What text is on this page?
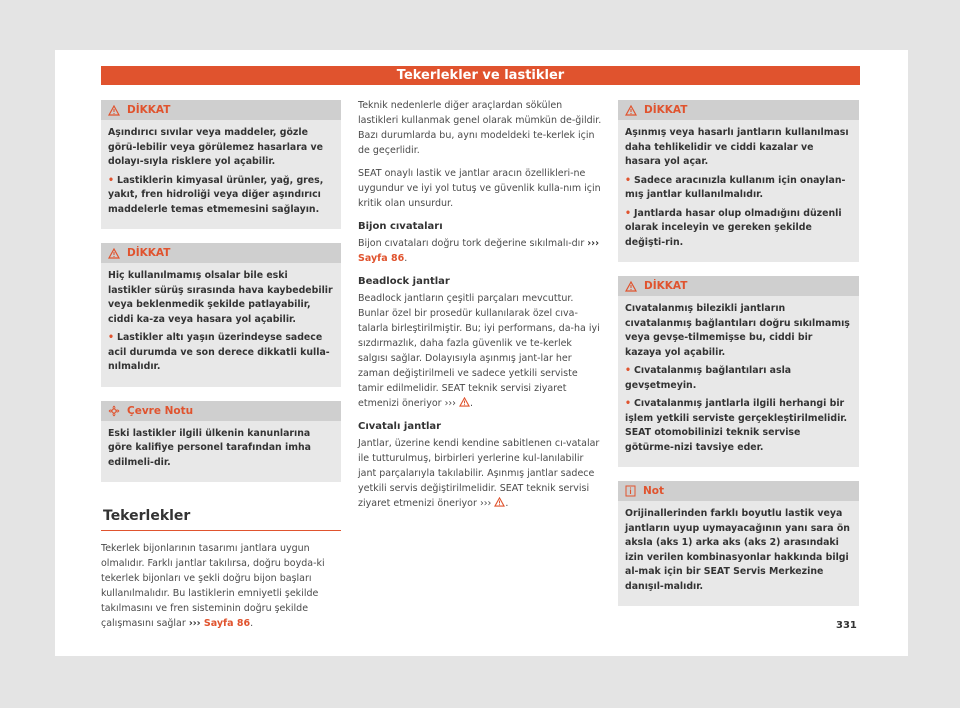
Tekerlekler ve lastikler
DİKKAT

Aşındırıcı sıvılar veya maddeler, gözle görü-lebilir veya görülemez hasarlara ve dolayı-sıyla risklere yol açabilir.

• Lastiklerin kimyasal ürünler, yağ, gres, yakıt, fren hidroliği veya diğer aşındırıcı maddelerle temas etmemesini sağlayın.

DİKKAT

Hiç kullanılmamış olsalar bile eski lastikler sürüş sırasında hava kaybedebilir veya beklenmedik şekilde patlayabilir, ciddi ka-za veya hasara yol açabilir.

• Lastikler altı yaşın üzerindeyse sadece acil durumda ve son derece dikkatli kulla-nılmalıdır.

Çevre Notu

Eski lastikler ilgili ülkenin kanunlarına göre kalifiye personel tarafından imha edilmeli-dir.

Tekerlekler

Tekerlek bijonlarının tasarımı jantlara uygun olmalıdır. Farklı jantlar takılırsa, doğru boyda-ki tekerlek bijonları ve şekli doğru bijon başları kullanılmalıdır. Bu lastiklerin emniyetli şekilde takılmasını ve fren sisteminin doğru şekilde çalışmasını sağlar ››› Sayfa 86.

Teknik nedenlerle diğer araçlardan sökülen lastikleri kullanmak genel olarak mümkün de-ğildir. Bazı durumlarda bu, aynı modeldeki te-kerlek için de geçerlidir.

SEAT onaylı lastik ve jantlar aracın özellikleri-ne uygundur ve iyi yol tutuş ve güvenlik kulla-nım için kritik olan unsurdur.

Bijon cıvataları

Bijon cıvataları doğru tork değerine sıkılmalı-dır ››› Sayfa 86.

Beadlock jantlar

Beadlock jantların çeşitli parçaları mevcuttur. Bunlar özel bir prosedür kullanılarak özel cıva-talarla birleştirilmiştir. Bu; iyi performans, da-ha iyi sızdırmazlık, daha fazla güvenlik ve te-kerlek salgısı sağlar. Dolayısıyla aşınmış jant-lar her zaman değiştirilmeli ve sadece yetkili serviste tamir edilmelidir. SEAT teknik servisi ziyaret etmenizi öneriyor ››› .

Cıvatalı jantlar

Jantlar, üzerine kendi kendine sabitlenen cı-vatalar ile tutturulmuş, birbirleri yerlerine kul-lanılabilir jant parçalarıyla takılabilir. Aşınmış jantlar sadece yetkili servis değiştirilmelidir. SEAT teknik servisi ziyaret etmenizi öneriyor ››› .

DİKKAT

Aşınmış veya hasarlı jantların kullanılması daha tehlikelidir ve ciddi kazalar ve hasara yol açar.

• Sadece aracınızla kullanım için onaylan-mış jantlar kullanılmalıdır.

• Jantlarda hasar olup olmadığını düzenli olarak inceleyin ve gereken şekilde değişti-rin.

DİKKAT

Cıvatalanmış bilezikli jantların cıvatalanmış bağlantıları doğru sıkılmamış veya gevşe-tilmemişse bu, ciddi bir kazaya yol açabilir.

• Cıvatalanmış bağlantıları asla gevşetmeyin.

• Cıvatalanmış jantlarla ilgili herhangi bir işlem yetkili serviste gerçekleştirilmelidir. SEAT otomobilinizi teknik servise götürme-nizi tavsiye eder.

Not

Orijinallerinden farklı boyutlu lastik veya jantların uyup uymayacağının yanı sara ön aksla (aks 1) arka aks (aks 2) arasındaki izin verilen kombinasyonlar hakkında bilgi al-mak için bir SEAT Servis Merkezine danışıl-malıdır.

331
